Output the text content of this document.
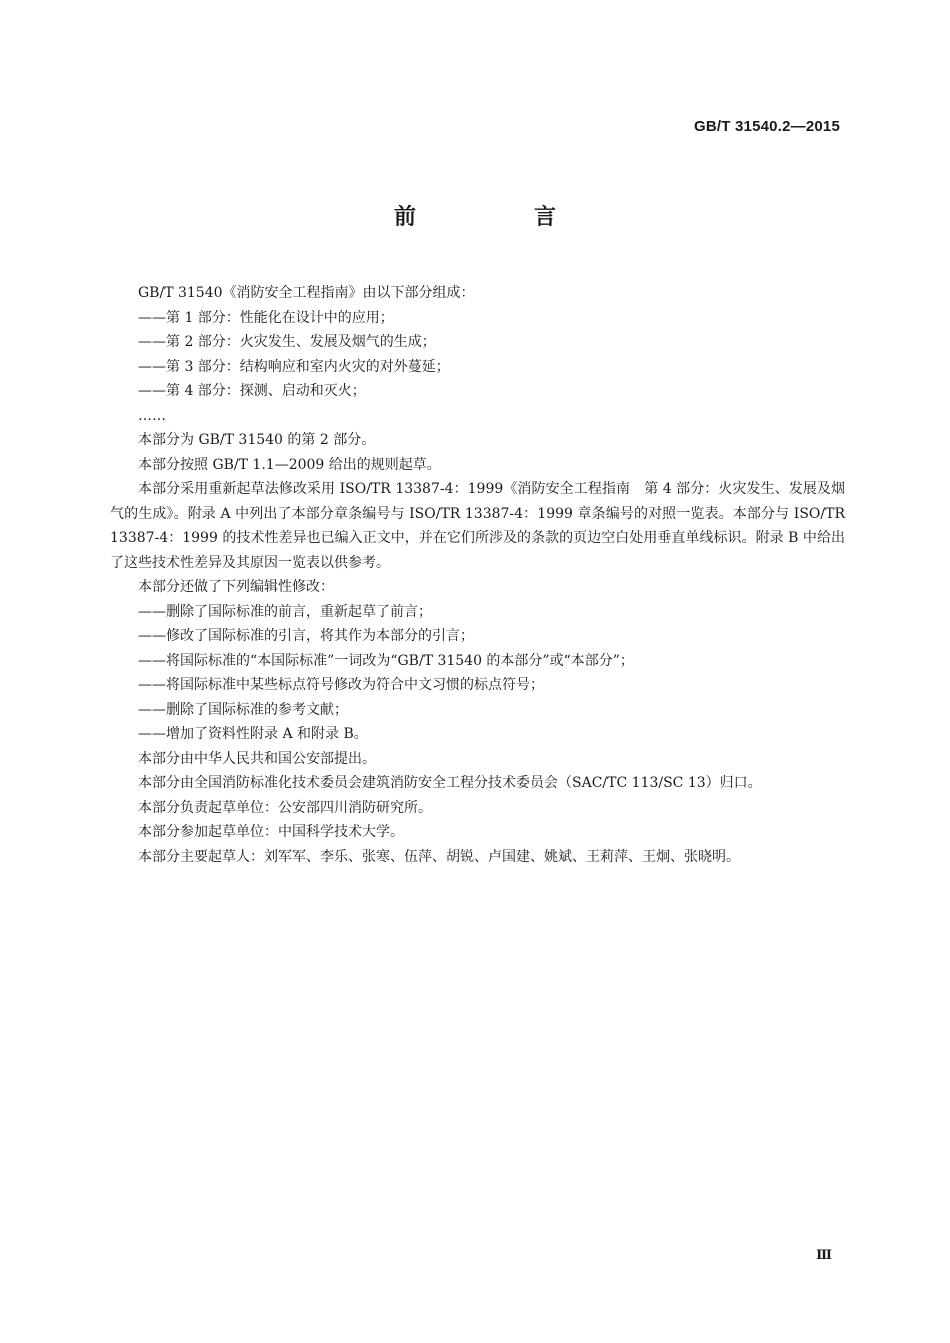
GB/T 31540.2—2015
前　言

GB/T 31540《消防安全工程指南》由以下部分组成：

——第 1 部分：性能化在设计中的应用；

——第 2 部分：火灾发生、发展及烟气的生成；

——第 3 部分：结构响应和室内火灾的对外蔓延；

——第 4 部分：探测、启动和灭火；

……

本部分为 GB/T 31540 的第 2 部分。

本部分按照 GB/T 1.1—2009 给出的规则起草。

本部分采用重新起草法修改采用 ISO/TR 13387-4：1999《消防安全工程指南　第 4 部分：火灾发生、发展及烟气的生成》。附录 A 中列出了本部分章条编号与 ISO/TR 13387-4：1999 章条编号的对照一览表。本部分与 ISO/TR 13387-4：1999 的技术性差异也已编入正文中，并在它们所涉及的条款的页边空白处用垂直单线标识。附录 B 中给出了这些技术性差异及其原因一览表以供参考。

本部分还做了下列编辑性修改：

——删除了国际标准的前言，重新起草了前言；

——修改了国际标准的引言，将其作为本部分的引言；

——将国际标准的“本国际标准”一词改为“GB/T 31540 的本部分”或“本部分”；

——将国际标准中某些标点符号修改为符合中文习惯的标点符号；

——删除了国际标准的参考文献；

——增加了资料性附录 A 和附录 B。

本部分由中华人民共和国公安部提出。

本部分由全国消防标准化技术委员会建筑消防安全工程分技术委员会（SAC/TC 113/SC 13）归口。

本部分负责起草单位：公安部四川消防研究所。

本部分参加起草单位：中国科学技术大学。

本部分主要起草人：刘军军、李乐、张寒、伍萍、胡锐、卢国建、姚斌、王莉萍、王炯、张晓明。

Ⅲ
